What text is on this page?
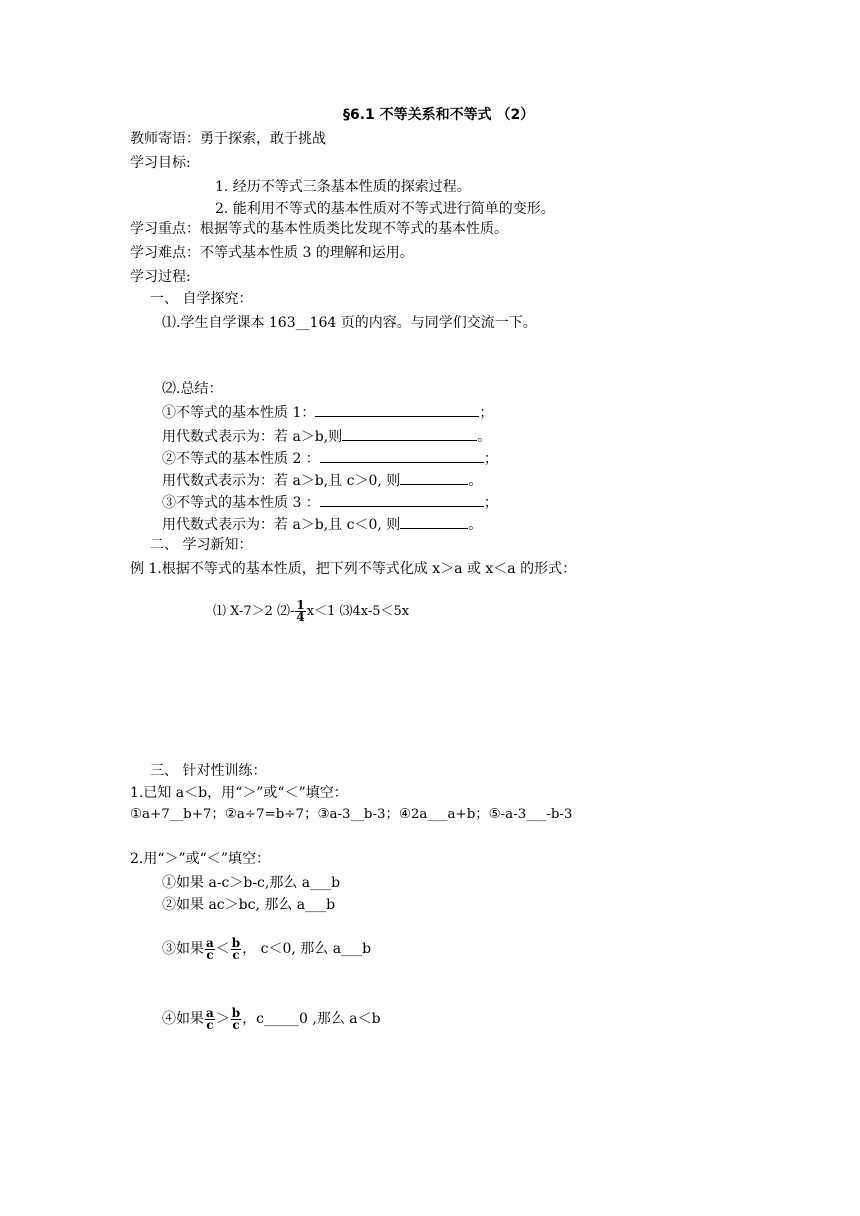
§6.1 不等关系和不等式 （2）
教师寄语：勇于探索，敢于挑战
学习目标:
1. 经历不等式三条基本性质的探索过程。
2. 能利用不等式的基本性质对不等式进行简单的变形。
学习重点：根据等式的基本性质类比发现不等式的基本性质。
学习难点：不等式基本性质 3 的理解和运用。
学习过程:
一、 自学探究：
⑴.学生自学课本 163__164 页的内容。与同学们交流一下。
⑵.总结：
①不等式的基本性质 1：	；
用代数式表示为：若 a＞b,则	。
②不等式的基本性质 2 ：	；
用代数式表示为：若 a＞b,且 c＞0, 则	。
③不等式的基本性质 3 ：	；
用代数式表示为：若 a＞b,且 c＜0, 则	。
二、 学习新知：
例 1.根据不等式的基本性质，把下列不等式化成 x＞a 或 x＜a 的形式：
⑴ X-7＞2 ⑵- $\frac{1}{4} x<1$ ⑶4x-5＜5x
三、 针对性训练：
1.已知 a＜b，用“＞”或“＜”填空：
①a+7__b+7；②a÷7=b÷7；③a-3__b-3；④2a___a+b；⑤-a-3___-b-3
2.用“＞”或“＜”填空：
①如果 a-c＞b-c,那么 a___b
②如果 ac＞bc, 那么 a___b
③如果 $\frac{a}{c} < \frac{b}{c}$ ， c＜0, 那么 a___b
④如果 $\frac{a}{c} > \frac{b}{c}$ ，c_____0 ,那么 a＜b
